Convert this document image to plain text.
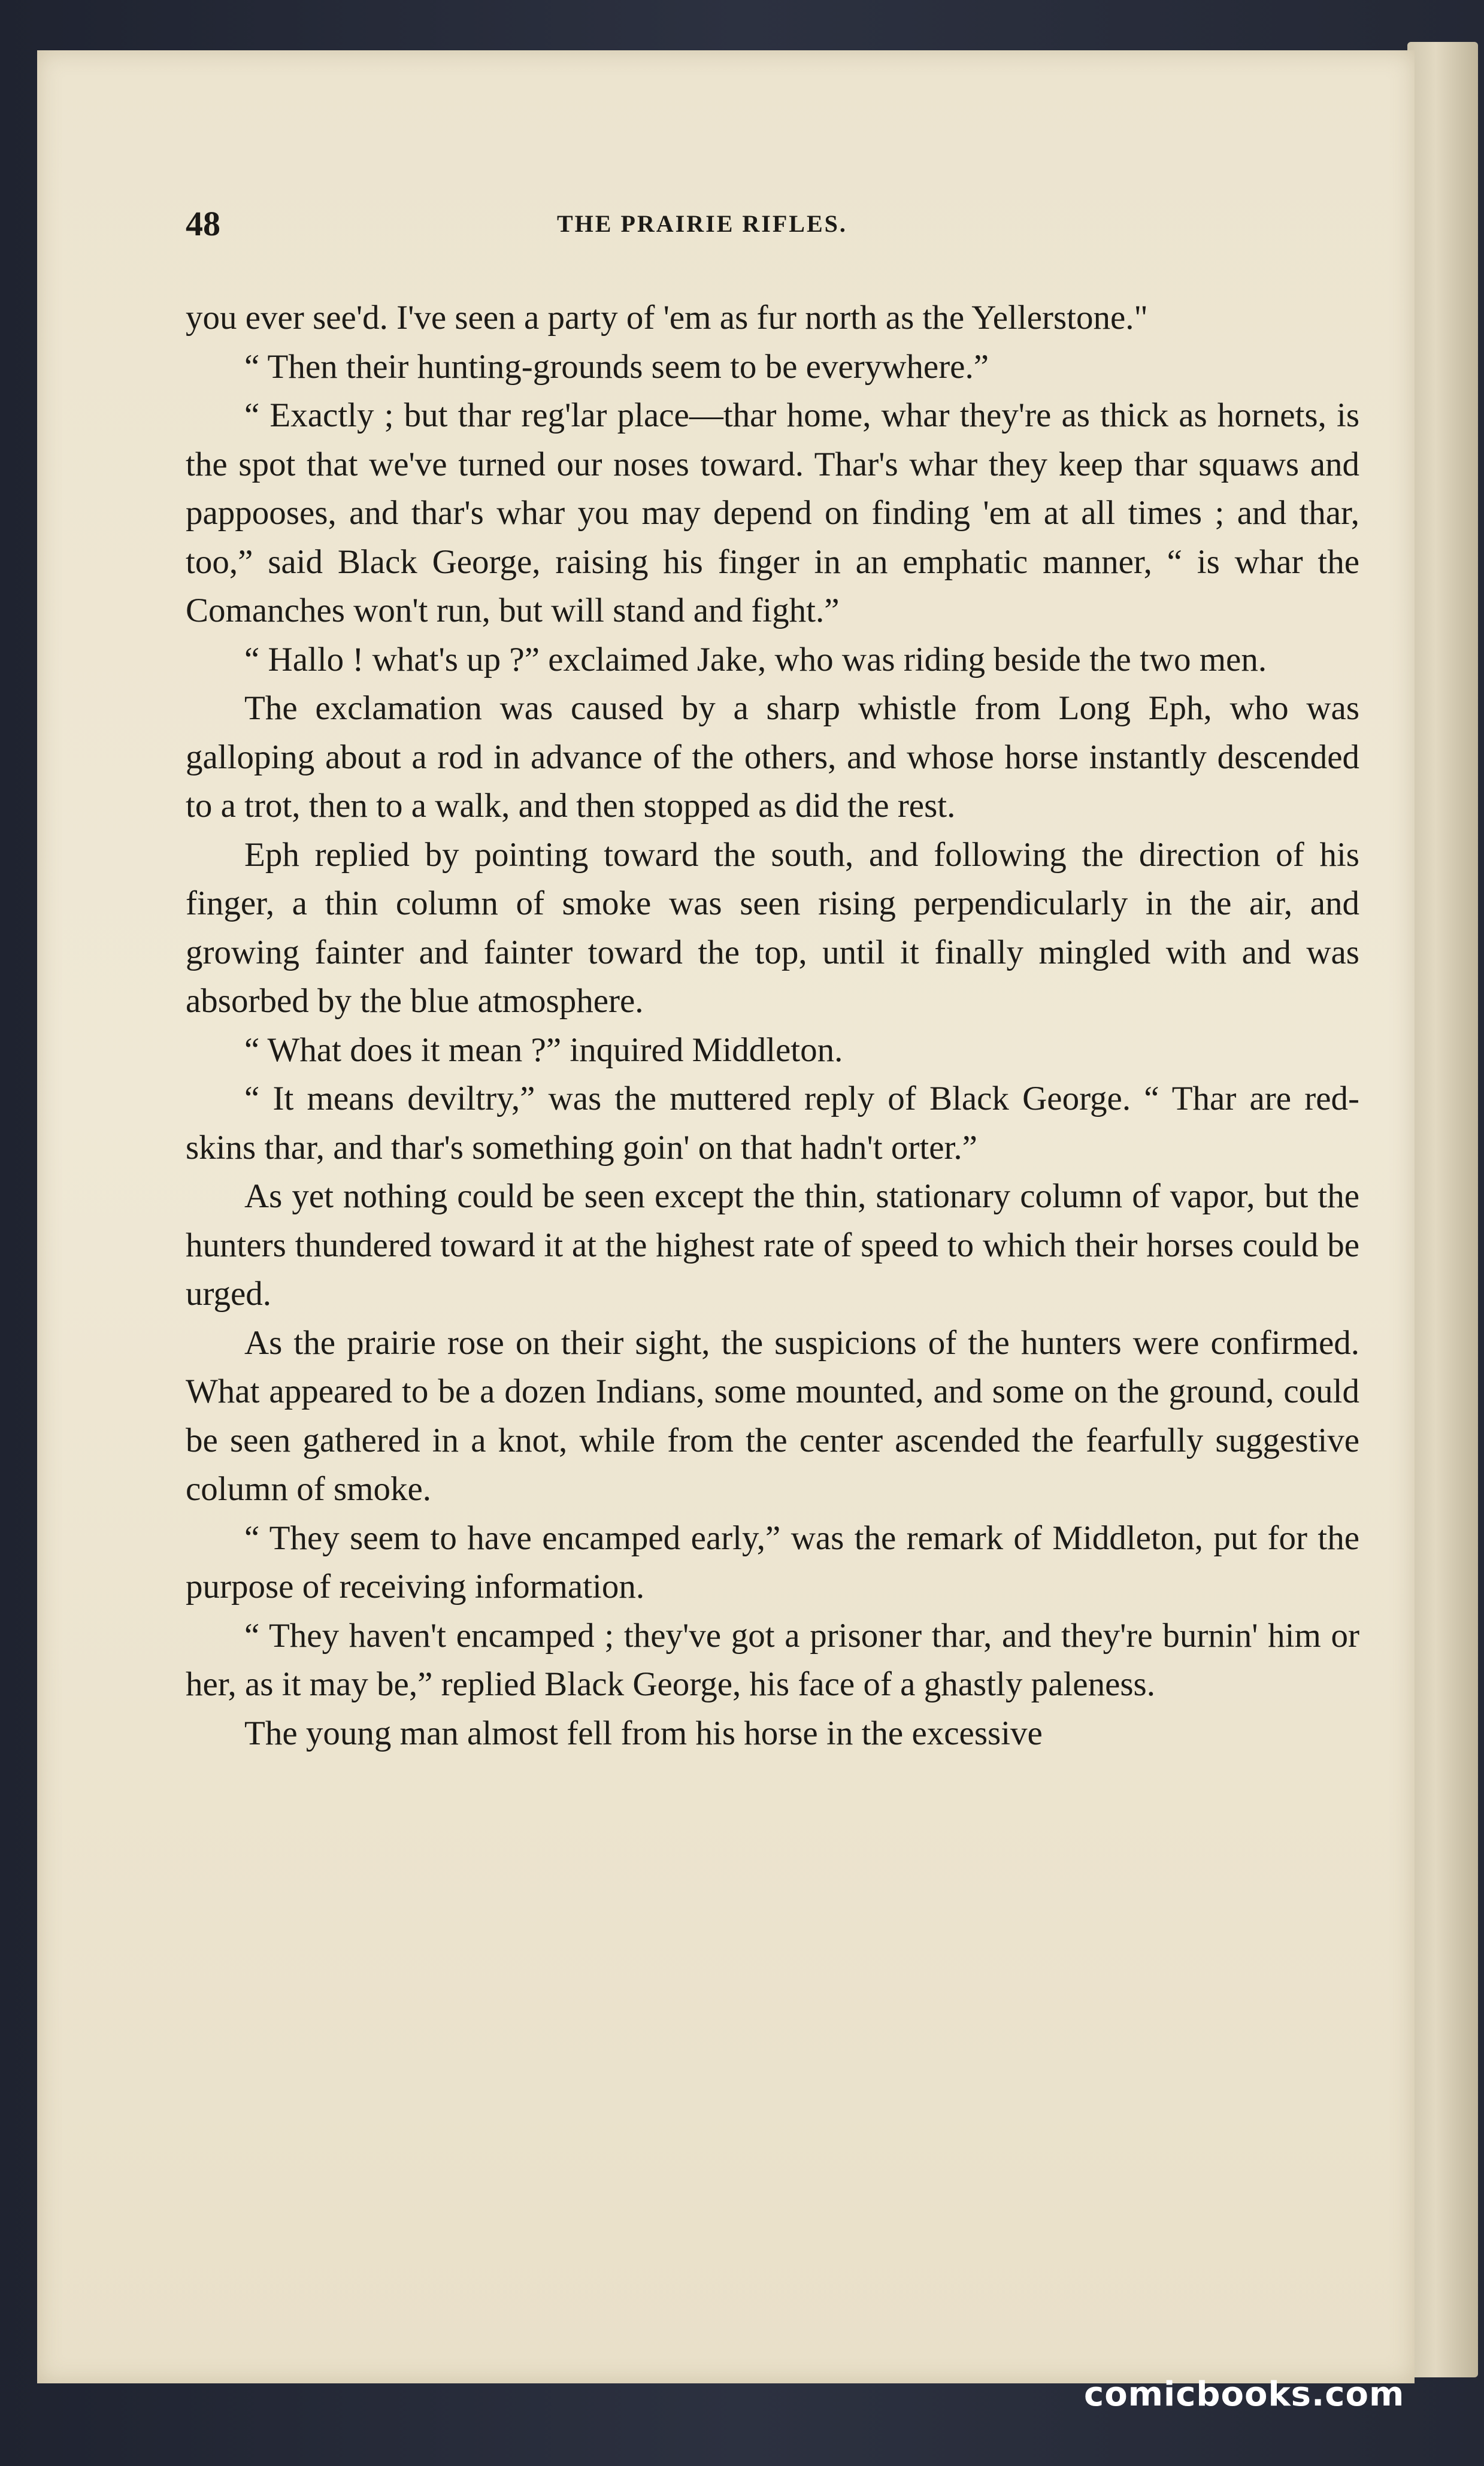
48	THE PRAIRIE RIFLES.

you ever see'd. I've seen a party of 'em as fur north as the Yellerstone."

“ Then their hunting-grounds seem to be everywhere.”

“ Exactly ; but thar reg'lar place—thar home, whar they're as thick as hornets, is the spot that we've turned our noses toward. Thar's whar they keep thar squaws and pappooses, and thar's whar you may depend on finding 'em at all times ; and thar, too,” said Black George, raising his finger in an emphatic manner, “ is whar the Comanches won't run, but will stand and fight.”

“ Hallo ! what's up ?” exclaimed Jake, who was riding beside the two men.

The exclamation was caused by a sharp whistle from Long Eph, who was galloping about a rod in advance of the others, and whose horse instantly descended to a trot, then to a walk, and then stopped as did the rest.

Eph replied by pointing toward the south, and following the direction of his finger, a thin column of smoke was seen rising perpendicularly in the air, and growing fainter and fainter toward the top, until it finally mingled with and was absorbed by the blue atmosphere.

“ What does it mean ?” inquired Middleton.

“ It means deviltry,” was the muttered reply of Black George. “ Thar are red-skins thar, and thar's something goin' on that hadn't orter.”

As yet nothing could be seen except the thin, stationary column of vapor, but the hunters thundered toward it at the highest rate of speed to which their horses could be urged.

As the prairie rose on their sight, the suspicions of the hunters were confirmed. What appeared to be a dozen Indians, some mounted, and some on the ground, could be seen gathered in a knot, while from the center ascended the fearfully suggestive column of smoke.

“ They seem to have encamped early,” was the remark of Middleton, put for the purpose of receiving information.

“ They haven't encamped ; they've got a prisoner thar, and they're burnin' him or her, as it may be,” replied Black George, his face of a ghastly paleness.

The young man almost fell from his horse in the excessive

comicbooks.com
